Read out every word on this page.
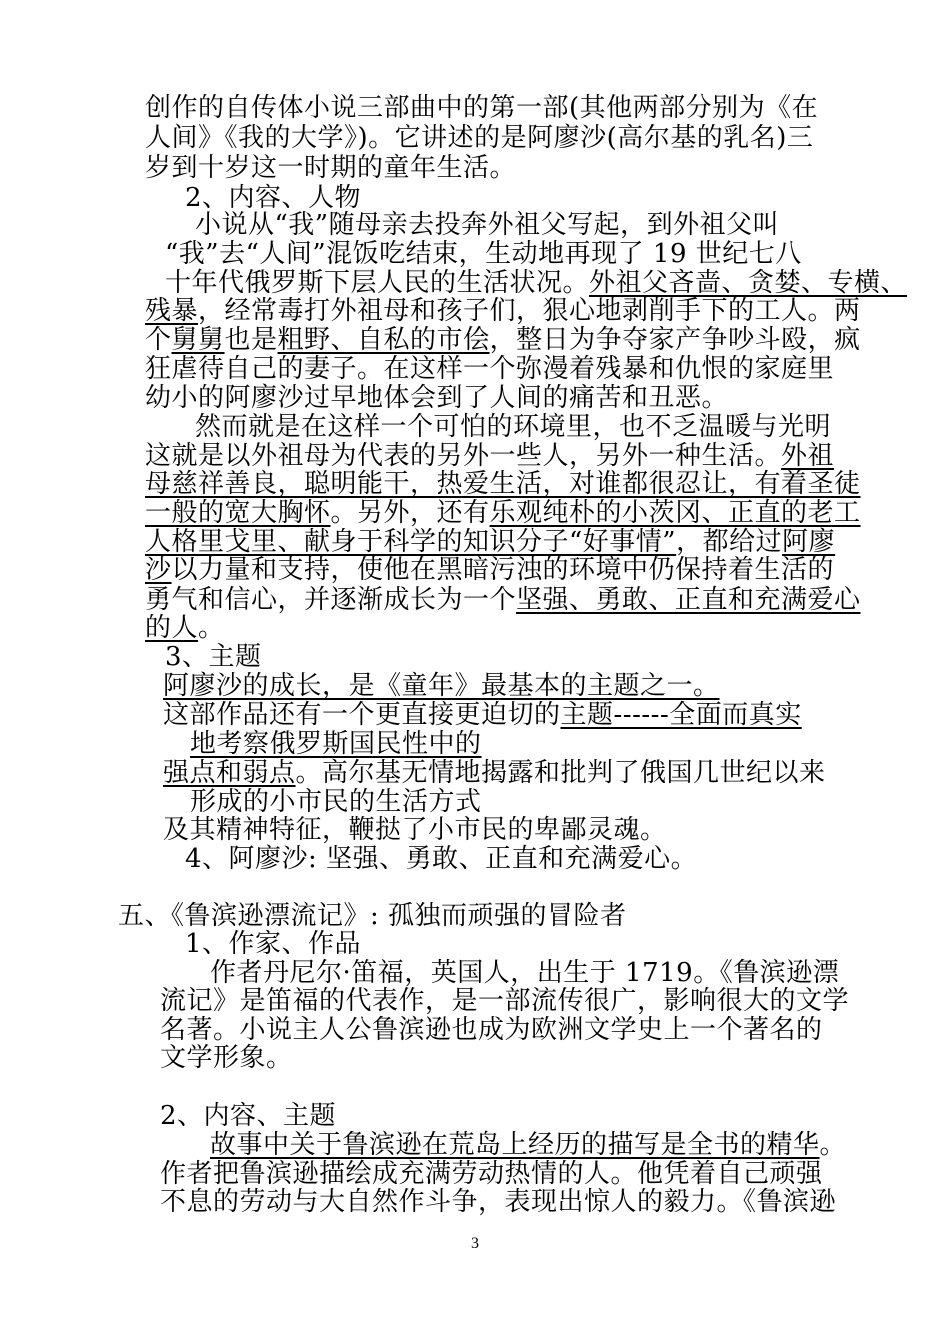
创作的自传体小说三部曲中的第一部(其他两部分别为《在
人间》《我的大学》)。它讲述的是阿廖沙(高尔基的乳名)三
岁到十岁这一时期的童年生活。
2、内容、人物
小说从“我”随母亲去投奔外祖父写起，到外祖父叫
“我”去“人间”混饭吃结束，生动地再现了 19 世纪七八
十年代俄罗斯下层人民的生活状况。外祖父吝啬、贪婪、专横、
残暴，经常毒打外祖母和孩子们，狠心地剥削手下的工人。两
个舅舅也是粗野、自私的市侩，整日为争夺家产争吵斗殴，疯
狂虐待自己的妻子。在这样一个弥漫着残暴和仇恨的家庭里
幼小的阿廖沙过早地体会到了人间的痛苦和丑恶。
然而就是在这样一个可怕的环境里，也不乏温暖与光明
这就是以外祖母为代表的另外一些人，另外一种生活。外祖
母慈祥善良，聪明能干，热爱生活，对谁都很忍让，有着圣徒
一般的宽大胸怀。另外，还有乐观纯朴的小茨冈、正直的老工
人格里戈里、献身于科学的知识分子“好事情”，都给过阿廖
沙以力量和支持，使他在黑暗污浊的环境中仍保持着生活的
勇气和信心，并逐渐成长为一个坚强、勇敢、正直和充满爱心
的人。
3、主题
阿廖沙的成长，是《童年》最基本的主题之一。
这部作品还有一个更直接更迫切的主题------全面而真实
地考察俄罗斯国民性中的
强点和弱点。高尔基无情地揭露和批判了俄国几世纪以来
形成的小市民的生活方式
及其精神特征，鞭挞了小市民的卑鄙灵魂。
4、阿廖沙: 坚强、勇敢、正直和充满爱心。
五、《鲁滨逊漂流记》: 孤独而顽强的冒险者
1、作家、作品
作者丹尼尔·笛福，英国人，出生于 1719。《鲁滨逊漂
流记》是笛福的代表作，是一部流传很广，影响很大的文学
名著。小说主人公鲁滨逊也成为欧洲文学史上一个著名的
文学形象。
2、内容、主题
故事中关于鲁滨逊在荒岛上经历的描写是全书的精华。
作者把鲁滨逊描绘成充满劳动热情的人。他凭着自己顽强
不息的劳动与大自然作斗争，表现出惊人的毅力。《鲁滨逊
3
